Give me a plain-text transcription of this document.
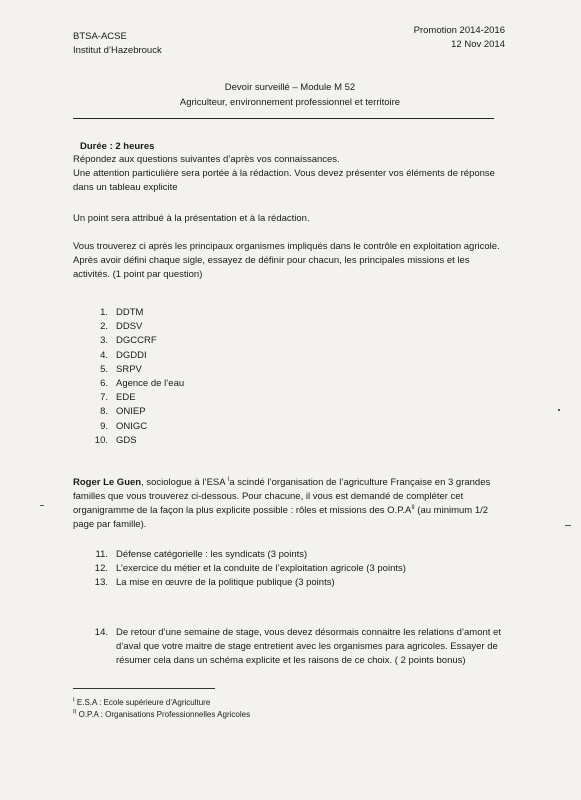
BTSA-ACSE
Institut d’Hazebrouck
Promotion 2014-2016
12 Nov 2014
Devoir surveillé – Module M 52
Agriculteur, environnement professionnel et territoire
Durée : 2 heures
Répondez aux questions suivantes d’après vos connaissances.
Une attention particulière sera portée à la rédaction. Vous devez présenter vos éléments de réponse
dans un tableau explicite
Un point sera attribué à la présentation et à la rédaction.
Vous trouverez ci après les principaux organismes impliqués dans le contrôle en exploitation agricole.
Après avoir défini chaque sigle, essayez de définir pour chacun, les principales missions et les
activités. (1 point par question)
1. DDTM
2. DDSV
3. DGCCRF
4. DGDDI
5. SRPV
6. Agence de l’eau
7. EDE
8. ONIEP
9. ONIGC
10. GDS
Roger Le Guen, sociologue à l’ESA $^I$a scindé l’organisation de l’agriculture Française en 3 grandes
familles que vous trouverez ci-dessous. Pour chacune, il vous est demandé de compléter cet
organigramme de la façon la plus explicite possible : rôles et missions des $O.P.A^{II}$ (au minimum 1/2
page par famille).
11. Défense catégorielle : les syndicats (3 points)
12. L’exercice du métier et la conduite de l’exploitation agricole (3 points)
13. La mise en œuvre de la politique publique (3 points)
14. De retour d’une semaine de stage, vous devez désormais connaitre les relations d’amont et
d’aval que votre maitre de stage entretient avec les organismes para agricoles. Essayer de
résumer cela dans un schéma explicite et les raisons de ce choix. ( 2 points bonus)
$^I$ E.S.A : Ecole supérieure d’Agriculture
$^{II}$ O.P.A : Organisations Professionnelles Agricoles
